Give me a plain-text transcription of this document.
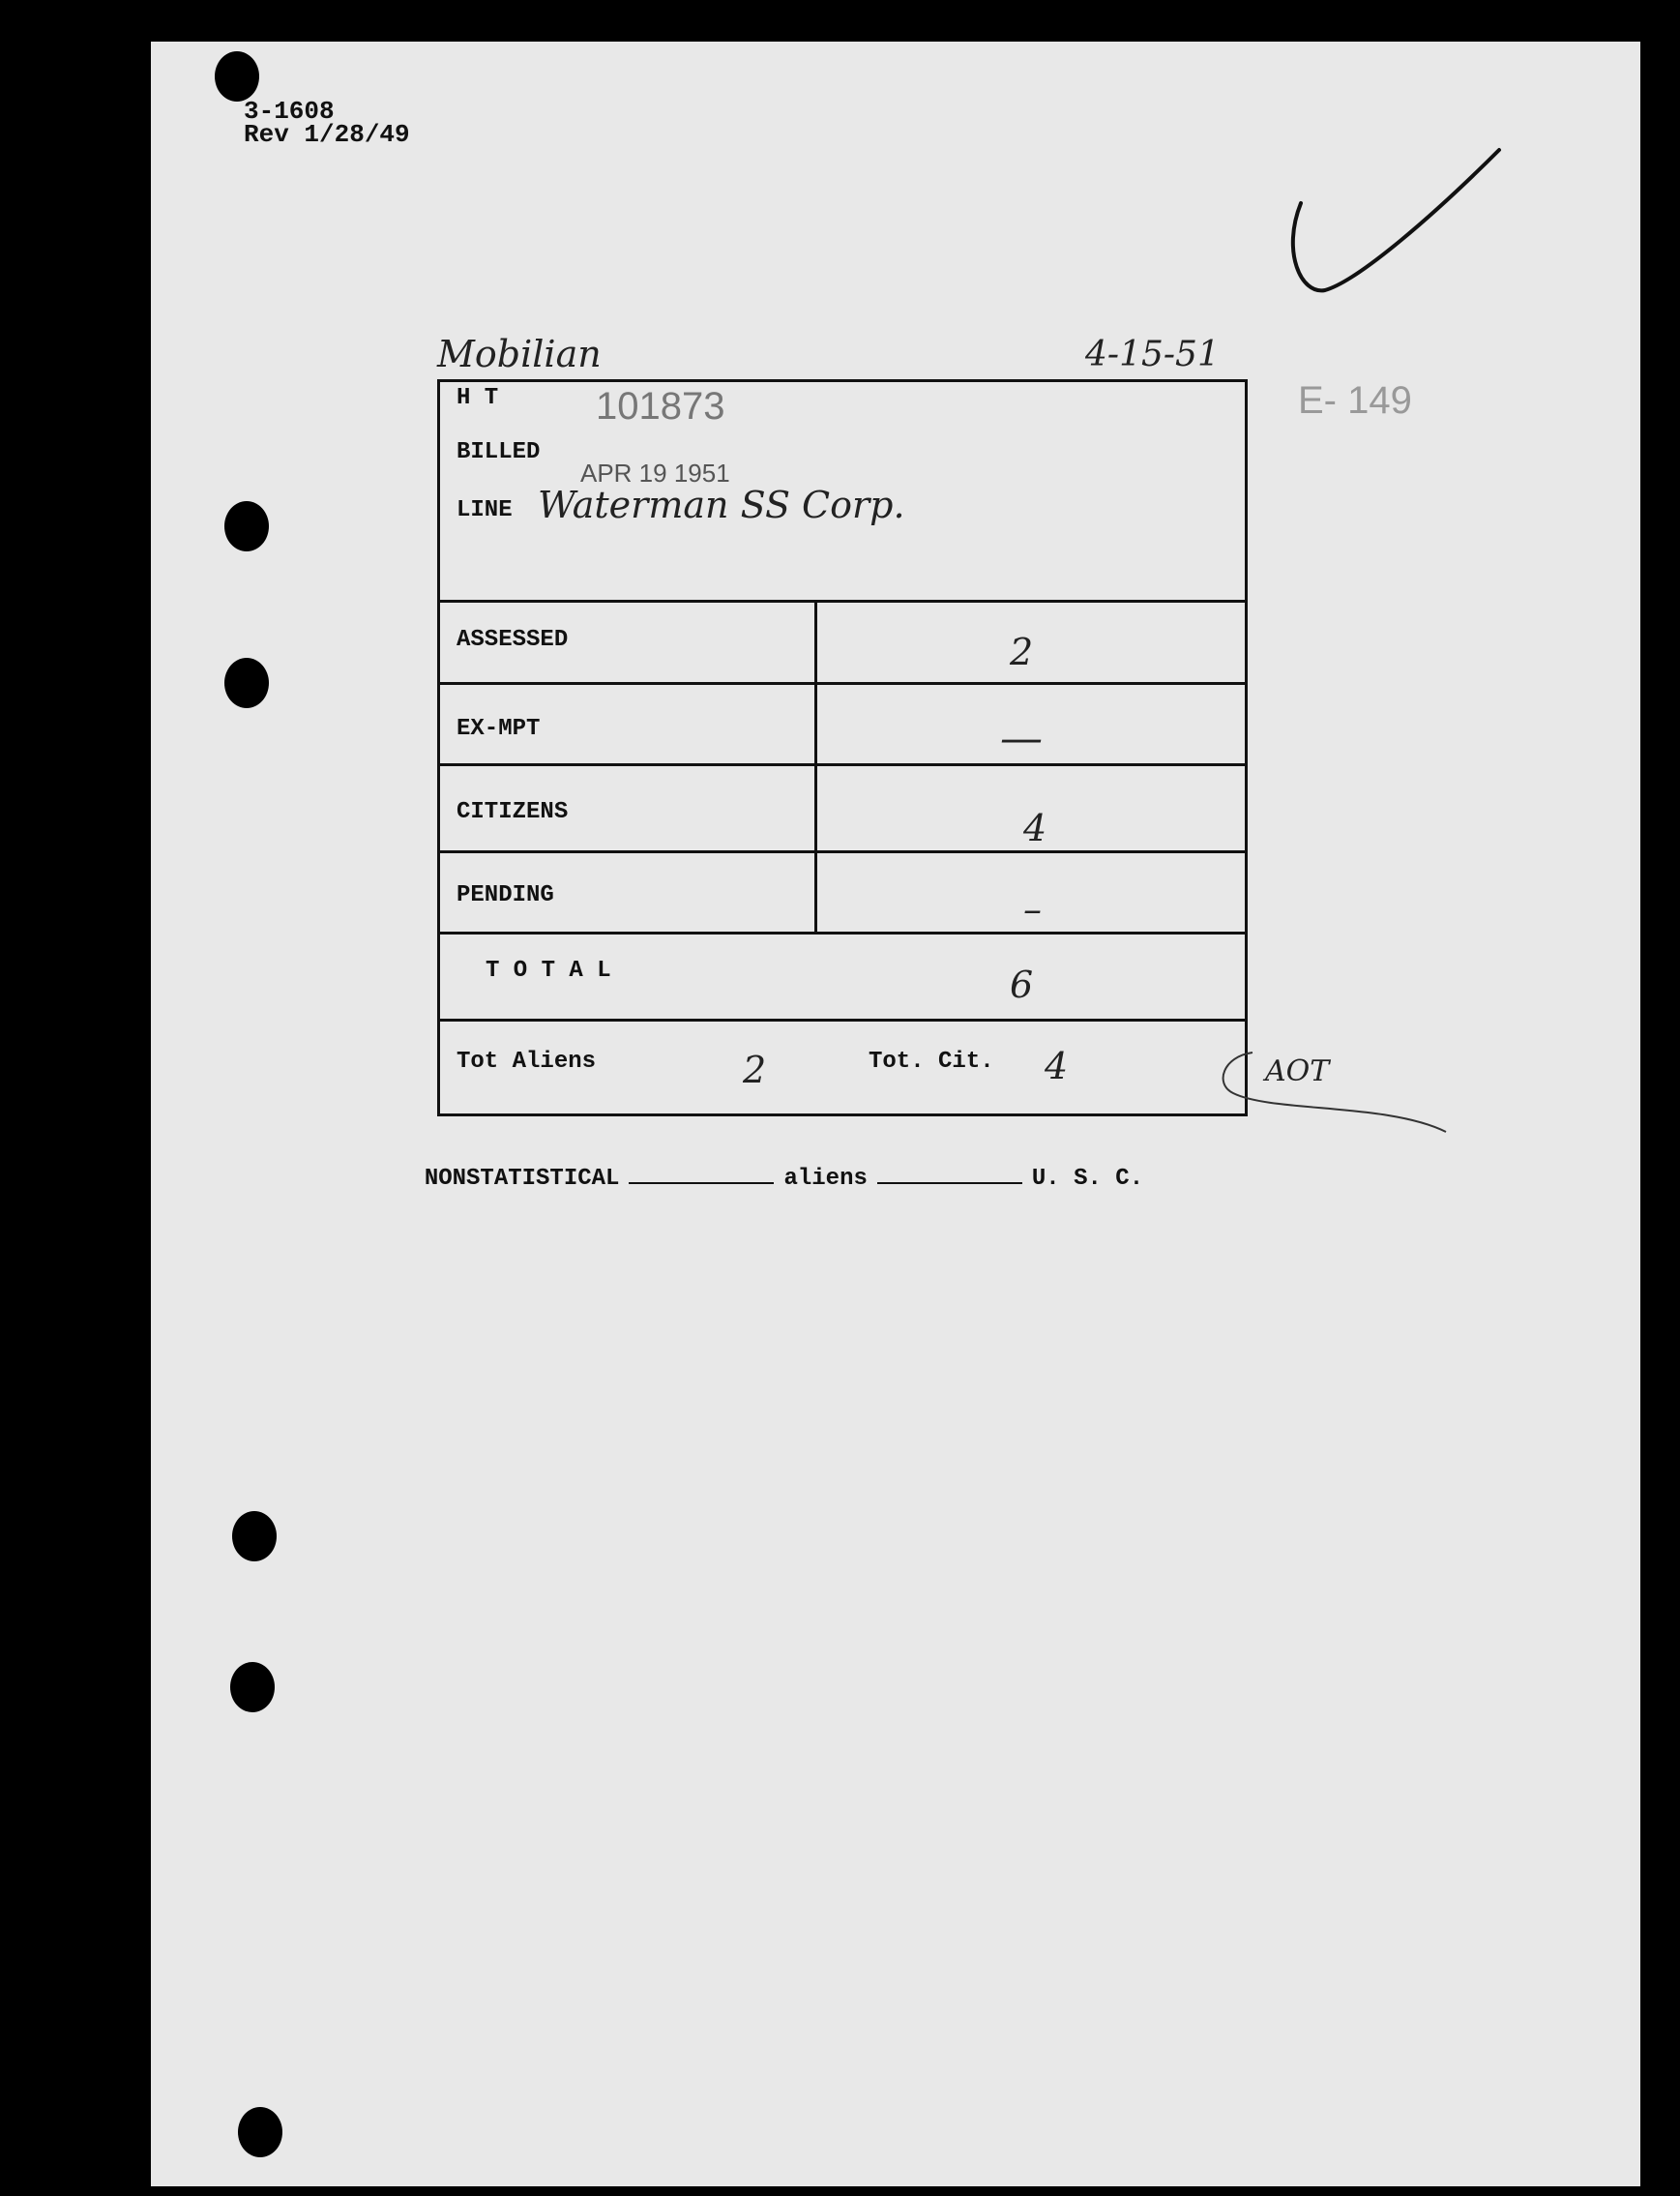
3-1608
Rev 1/28/49
Mobilian	4-15-51
E- 149
H T	101873
BILLED
APR 19 1951
LINE Waterman SS Corp.
ASSESSED	2
EX-MPT	—
CITIZENS	4
PENDING	–
T O T A L	6
Tot Aliens	2	Tot. Cit. 4	AOT

NONSTATISTICAL	aliens	U. S. C.
